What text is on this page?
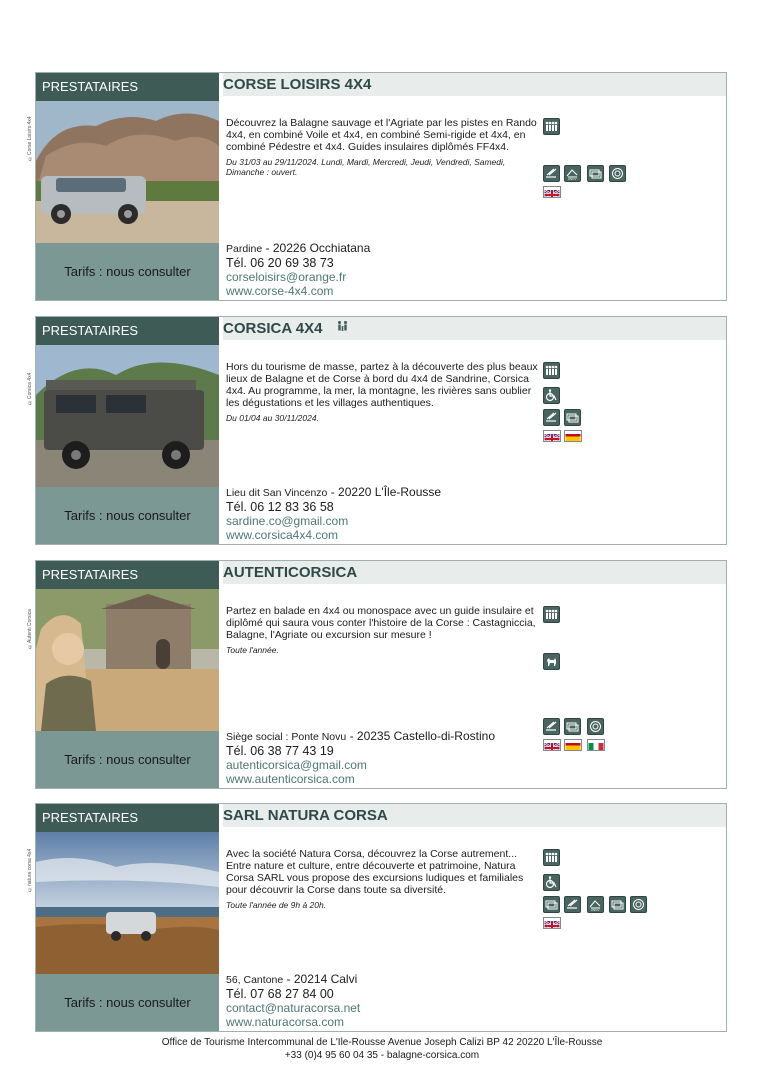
PRESTATAIRES	CORSE LOISIRS 4X4
©Corse Loisirs 4x4
Tarifs : nous consulter
Découvrez la Balagne sauvage et l'Agriate par les pistes en Rando 4x4, en combiné Voile et 4x4, en combiné Semi-rigide et 4x4, en combiné Pédestre et 4x4. Guides insulaires diplômés FF4x4.
Du 31/03 au 29/11/2024. Lundi, Mardi, Mercredi, Jeudi, Vendredi, Samedi, Dimanche : ouvert.
Pardine - 20226 Occhiatana
Tél. 06 20 69 38 73
corseloisirs@orange.fr
www.corse-4x4.com
PRESTATAIRES	CORSICA 4X4
©Corsica 4x4
Tarifs : nous consulter
Hors du tourisme de masse, partez à la découverte des plus beaux lieux de Balagne et de Corse à bord du 4x4 de Sandrine, Corsica 4x4. Au programme, la mer, la montagne, les rivières sans oublier les dégustations et les villages authentiques.
Du 01/04 au 30/11/2024.
Lieu dit San Vincenzo - 20220 L'Île-Rousse
Tél. 06 12 83 36 58
sardine.co@gmail.com
www.corsica4x4.com
PRESTATAIRES	AUTENTICORSICA
©Autenti Corsica
Tarifs : nous consulter
Partez en balade en 4x4 ou monospace avec un guide insulaire et diplômé qui saura vous conter l'histoire de la Corse : Castagniccia, Balagne, l'Agriate ou excursion sur mesure !
Toute l'année.
Siège social : Ponte Novu - 20235 Castello-di-Rostino
Tél. 06 38 77 43 19
autenticorsica@gmail.com
www.autenticorsica.com
PRESTATAIRES	SARL NATURA CORSA
©natura corsa 4x4
Tarifs : nous consulter
Avec la société Natura Corsa, découvrez la Corse autrement... Entre nature et culture, entre découverte et patrimoine, Natura Corsa SARL vous propose des excursions ludiques et familiales pour découvrir la Corse dans toute sa diversité.
Toute l'année de 9h à 20h.
56, Cantone - 20214 Calvi
Tél. 07 68 27 84 00
contact@naturacorsa.net
www.naturacorsa.com
Office de Tourisme Intercommunal de L'Ile-Rousse Avenue Joseph Calizi BP 42 20220 L'Île-Rousse
+33 (0)4 95 60 04 35 - balagne-corsica.com
